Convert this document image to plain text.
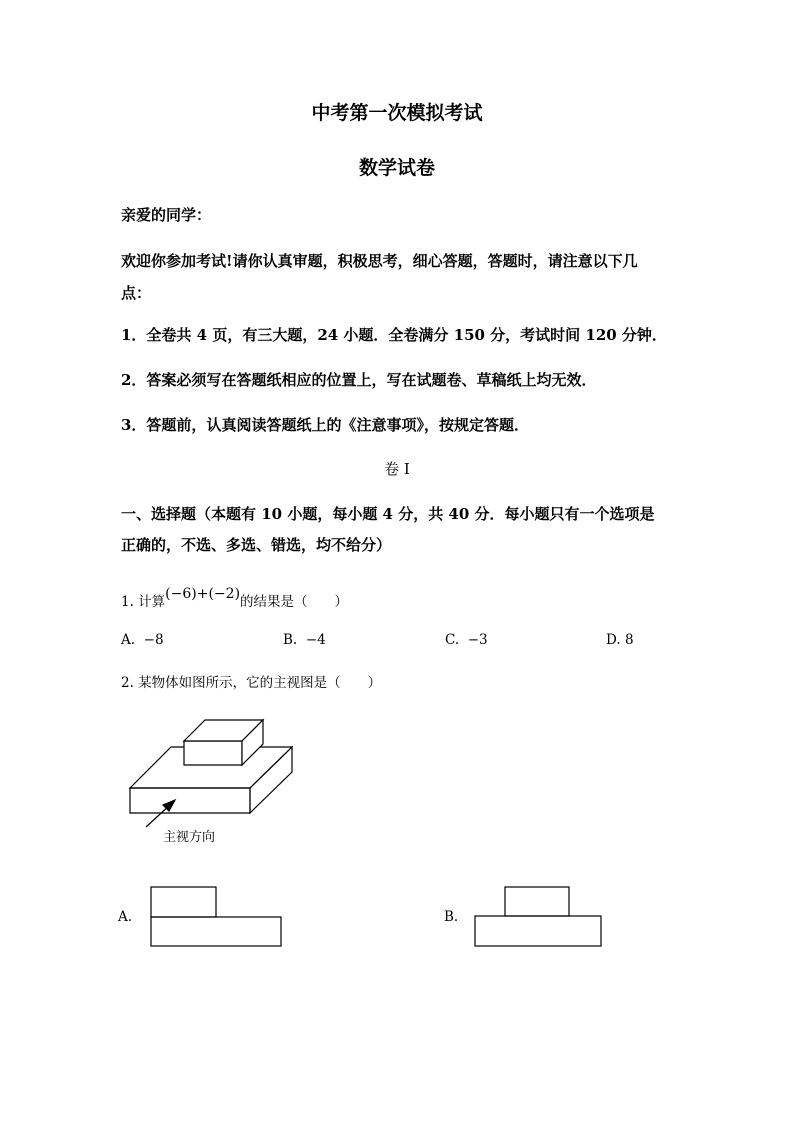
中考第一次模拟考试
数学试卷
亲爱的同学：
欢迎你参加考试!请你认真审题，积极思考，细心答题，答题时，请注意以下几
点：
1．全卷共 4 页，有三大题，24 小题．全卷满分 150 分，考试时间 120 分钟．
2．答案必须写在答题纸相应的位置上，写在试题卷、草稿纸上均无效．
3．答题前，认真阅读答题纸上的《注意事项》，按规定答题．
卷 I
一、选择题（本题有 10 小题，每小题 4 分，共 40 分．每小题只有一个选项是
正确的，不选、多选、错选，均不给分）
1. 计算(−6)+(−2)的结果是（　　）
A. −8	B. −4	C. −3	D. 8
2. 某物体如图所示，它的主视图是（　　）
主视方向
A.	B.
